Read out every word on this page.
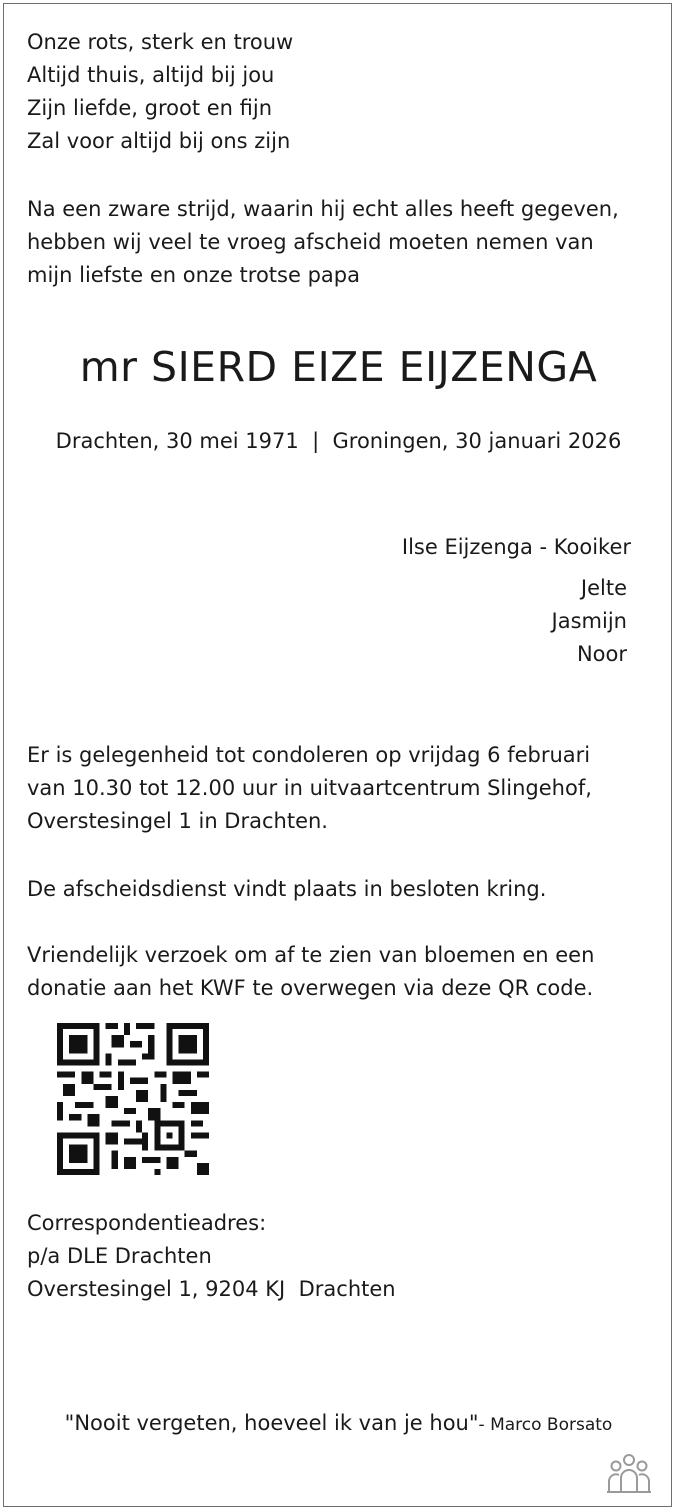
Onze rots, sterk en trouw
Altijd thuis, altijd bij jou
Zijn liefde, groot en fijn
Zal voor altijd bij ons zijn
Na een zware strijd, waarin hij echt alles heeft gegeven,
hebben wij veel te vroeg afscheid moeten nemen van
mijn liefste en onze trotse papa
mr SIERD EIZE EIJZENGA
Drachten, 30 mei 1971  |  Groningen, 30 januari 2026
Ilse Eijzenga - Kooiker
Jelte
Jasmijn
Noor
Er is gelegenheid tot condoleren op vrijdag 6 februari
van 10.30 tot 12.00 uur in uitvaartcentrum Slingehof,
Overstesingel 1 in Drachten.
De afscheidsdienst vindt plaats in besloten kring.
Vriendelijk verzoek om af te zien van bloemen en een
donatie aan het KWF te overwegen via deze QR code.
Correspondentieadres:
p/a DLE Drachten
Overstesingel 1, 9204 KJ  Drachten
"Nooit vergeten, hoeveel ik van je hou"- Marco Borsato
